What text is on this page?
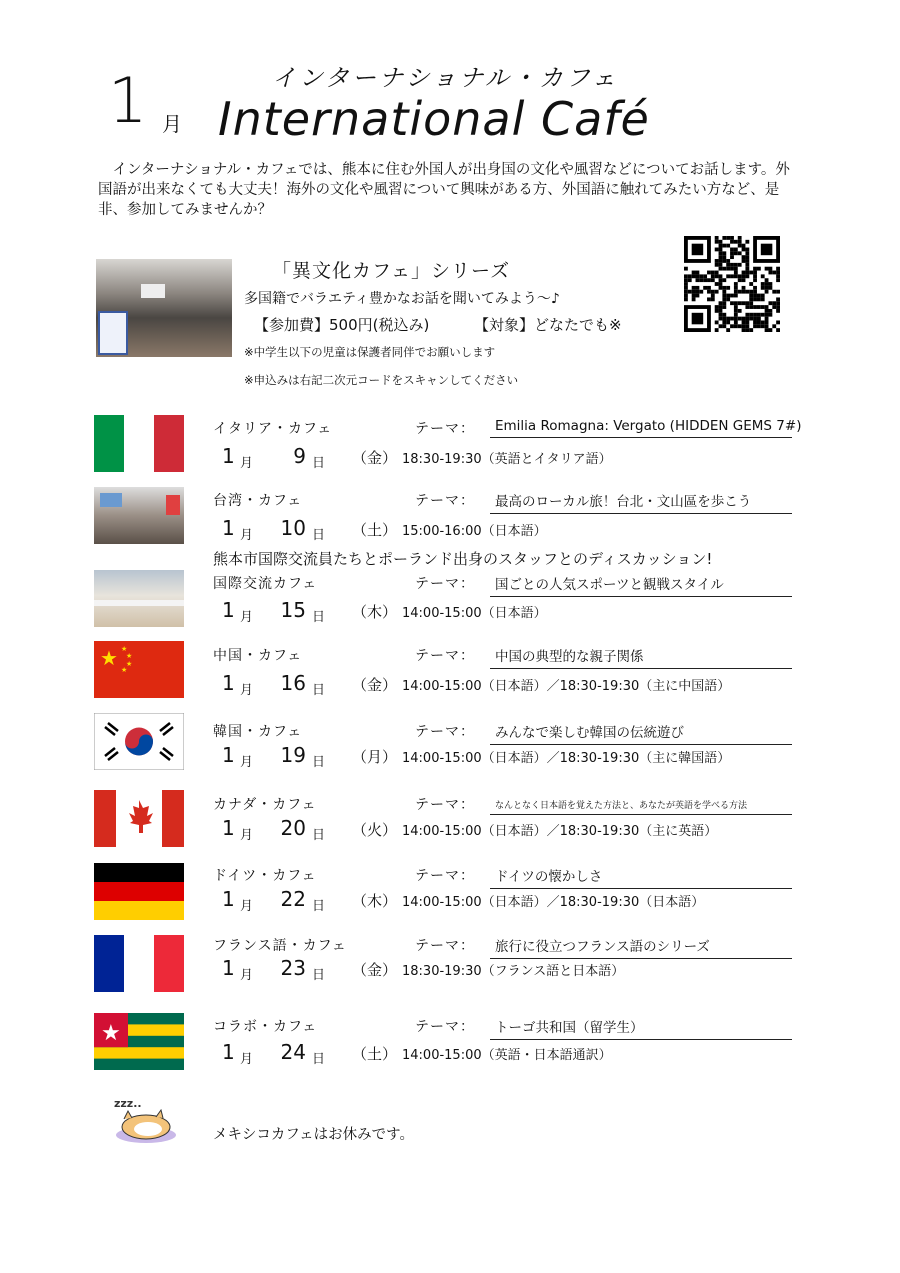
1 月
インターナショナル・カフェ
International Café

インターナショナル・カフェでは、熊本に住む外国人が出身国の文化や風習などについてお話します。外国語が出来なくても大丈夫！海外の文化や風習について興味がある方、外国語に触れてみたい方など、是非、参加してみませんか？

「異文化カフェ」シリーズ
多国籍でバラエティ豊かなお話を聞いてみよう～♪
【参加費】500円(税込み)	【対象】どなたでも※
※中学生以下の児童は保護者同伴でお願いします
※申込みは右記二次元コードをスキャンしてください
イタリア・カフェ	テーマ：	Emilia Romagna: Vergato (HIDDEN GEMS 7#)
1 月 9 日 （金） 18:30-19:30（英語とイタリア語）
台湾・カフェ	テーマ：	最高のローカル旅！台北・文山區を歩こう
1 月 10 日 （土） 15:00-16:00（日本語）
国際交流カフェ	テーマ：	国ごとの人気スポーツと観戦スタイル
1 月 15 日 （木） 14:00-15:00（日本語）
★ ★
★
★
★
中国・カフェ	テーマ：	中国の典型的な親子関係
1 月 16 日 （金） 14:00-15:00（日本語）／18:30-19:30（主に中国語）
韓国・カフェ	テーマ：	みんなで楽しむ韓国の伝統遊び
1 月 19 日 （月） 14:00-15:00（日本語）／18:30-19:30（主に韓国語）
カナダ・カフェ	テーマ：	なんとなく日本語を覚えた方法と、あなたが英語を学べる方法
1 月 20 日 （火） 14:00-15:00（日本語）／18:30-19:30（主に英語）
ドイツ・カフェ	テーマ：	ドイツの懐かしさ
1 月 22 日 （木） 14:00-15:00（日本語）／18:30-19:30（日本語）
フランス語・カフェ	テーマ：	旅行に役立つフランス語のシリーズ
1 月 23 日 （金） 18:30-19:30（フランス語と日本語）
★	コラボ・カフェ	テーマ：	トーゴ共和国（留学生）
1 月 24 日 （土） 14:00-15:00（英語・日本語通訳）
熊本市国際交流員たちとポーランド出身のスタッフとのディスカッション!
zzz..
メキシコカフェはお休みです。
